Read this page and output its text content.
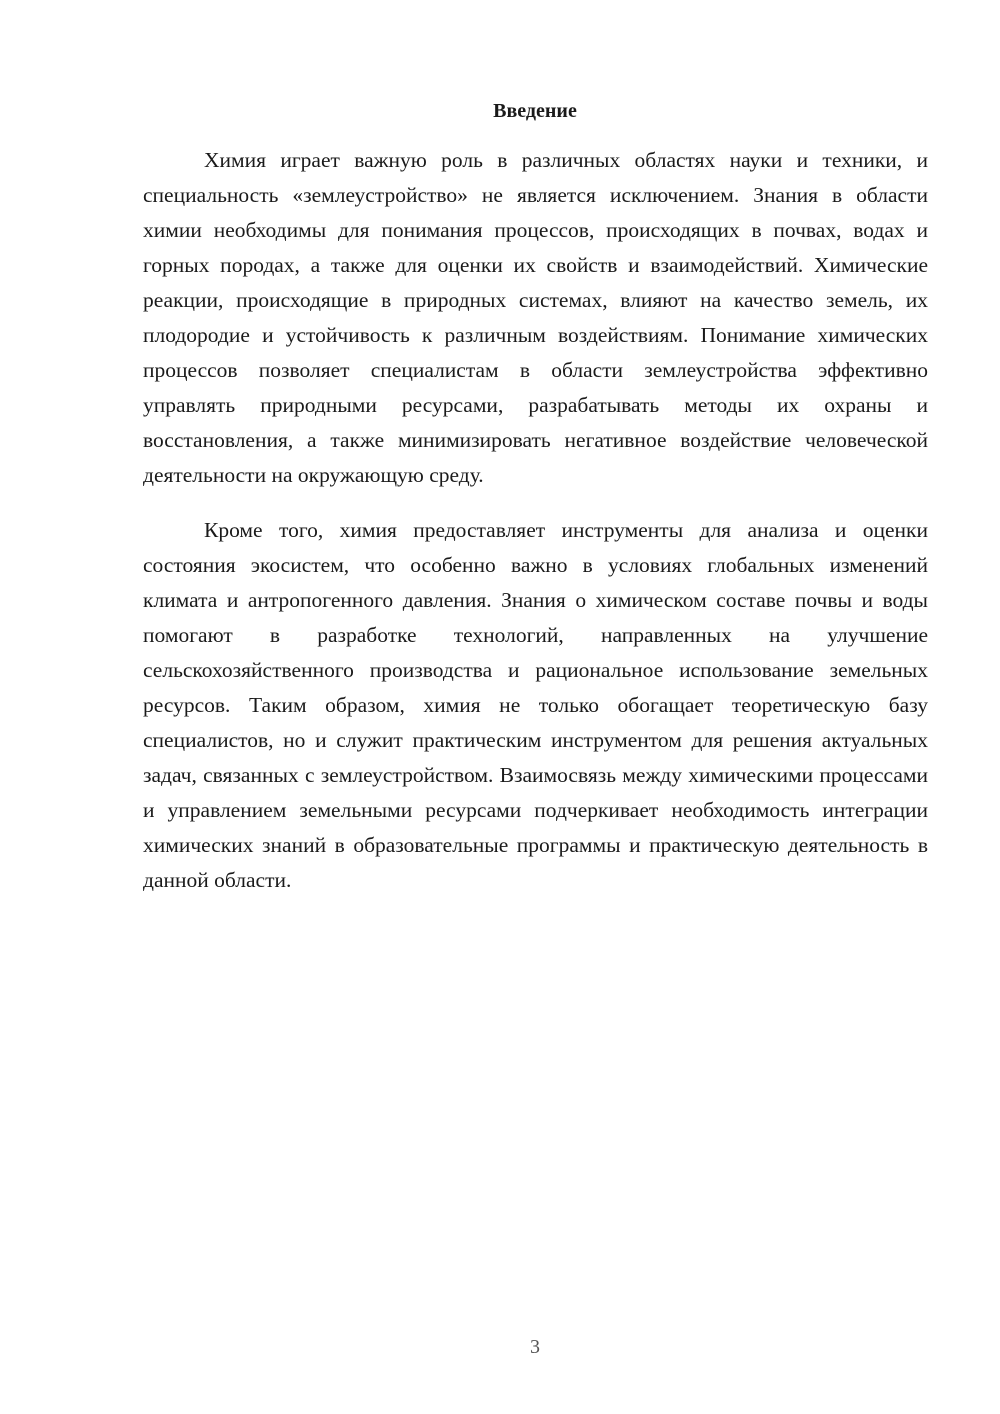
Введение

Химия играет важную роль в различных областях науки и техники, и специальность «землеустройство» не является исключением. Знания в области химии необходимы для понимания процессов, происходящих в почвах, водах и горных породах, а также для оценки их свойств и взаимодействий. Химические реакции, происходящие в природных системах, влияют на качество земель, их плодородие и устойчивость к различным воздействиям. Понимание химических процессов позволяет специалистам в области землеустройства эффективно управлять природными ресурсами, разрабатывать методы их охраны и восстановления, а также минимизировать негативное воздействие человеческой деятельности на окружающую среду.

Кроме того, химия предоставляет инструменты для анализа и оценки состояния экосистем, что особенно важно в условиях глобальных изменений климата и антропогенного давления. Знания о химическом составе почвы и воды помогают в разработке технологий, направленных на улучшение сельскохозяйственного производства и рациональное использование земельных ресурсов. Таким образом, химия не только обогащает теоретическую базу специалистов, но и служит практическим инструментом для решения актуальных задач, связанных с землеустройством. Взаимосвязь между химическими процессами и управлением земельными ресурсами подчеркивает необходимость интеграции химических знаний в образовательные программы и практическую деятельность в данной области.

3
